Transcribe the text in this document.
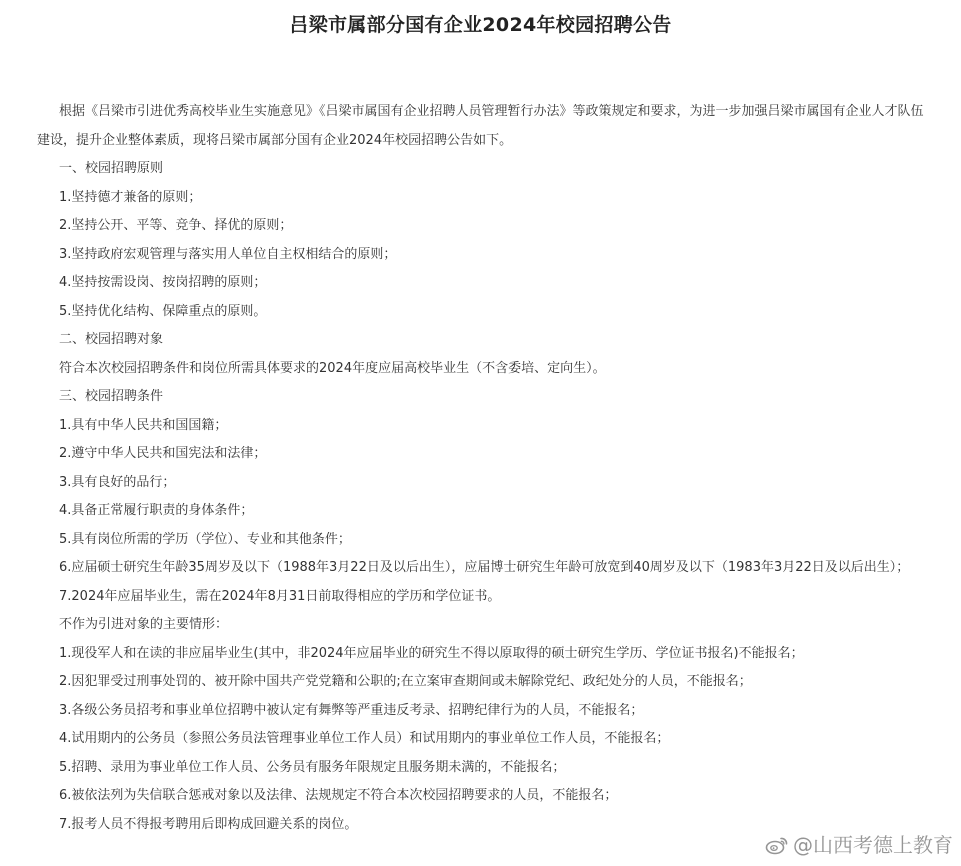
吕梁市属部分国有企业2024年校园招聘公告

根据《吕梁市引进优秀高校毕业生实施意见》《吕梁市属国有企业招聘人员管理暂行办法》等政策规定和要求，为进一步加强吕梁市属国有企业人才队伍建设，提升企业整体素质，现将吕梁市属部分国有企业2024年校园招聘公告如下。

一、校园招聘原则

1.坚持德才兼备的原则；

2.坚持公开、平等、竞争、择优的原则；

3.坚持政府宏观管理与落实用人单位自主权相结合的原则；

4.坚持按需设岗、按岗招聘的原则；

5.坚持优化结构、保障重点的原则。

二、校园招聘对象

符合本次校园招聘条件和岗位所需具体要求的2024年度应届高校毕业生（不含委培、定向生）。

三、校园招聘条件

1.具有中华人民共和国国籍；

2.遵守中华人民共和国宪法和法律；

3.具有良好的品行；

4.具备正常履行职责的身体条件；

5.具有岗位所需的学历（学位）、专业和其他条件；

6.应届硕士研究生年龄35周岁及以下（1988年3月22日及以后出生），应届博士研究生年龄可放宽到40周岁及以下（1983年3月22日及以后出生）；

7.2024年应届毕业生，需在2024年8月31日前取得相应的学历和学位证书。

不作为引进对象的主要情形：

1.现役军人和在读的非应届毕业生(其中，非2024年应届毕业的研究生不得以原取得的硕士研究生学历、学位证书报名)不能报名；

2.因犯罪受过刑事处罚的、被开除中国共产党党籍和公职的;在立案审查期间或未解除党纪、政纪处分的人员，不能报名；

3.各级公务员招考和事业单位招聘中被认定有舞弊等严重违反考录、招聘纪律行为的人员，不能报名；

4.试用期内的公务员（参照公务员法管理事业单位工作人员）和试用期内的事业单位工作人员，不能报名；

5.招聘、录用为事业单位工作人员、公务员有服务年限规定且服务期未满的，不能报名；

6.被依法列为失信联合惩戒对象以及法律、法规规定不符合本次校园招聘要求的人员，不能报名；

7.报考人员不得报考聘用后即构成回避关系的岗位。

@山西考德上教育
